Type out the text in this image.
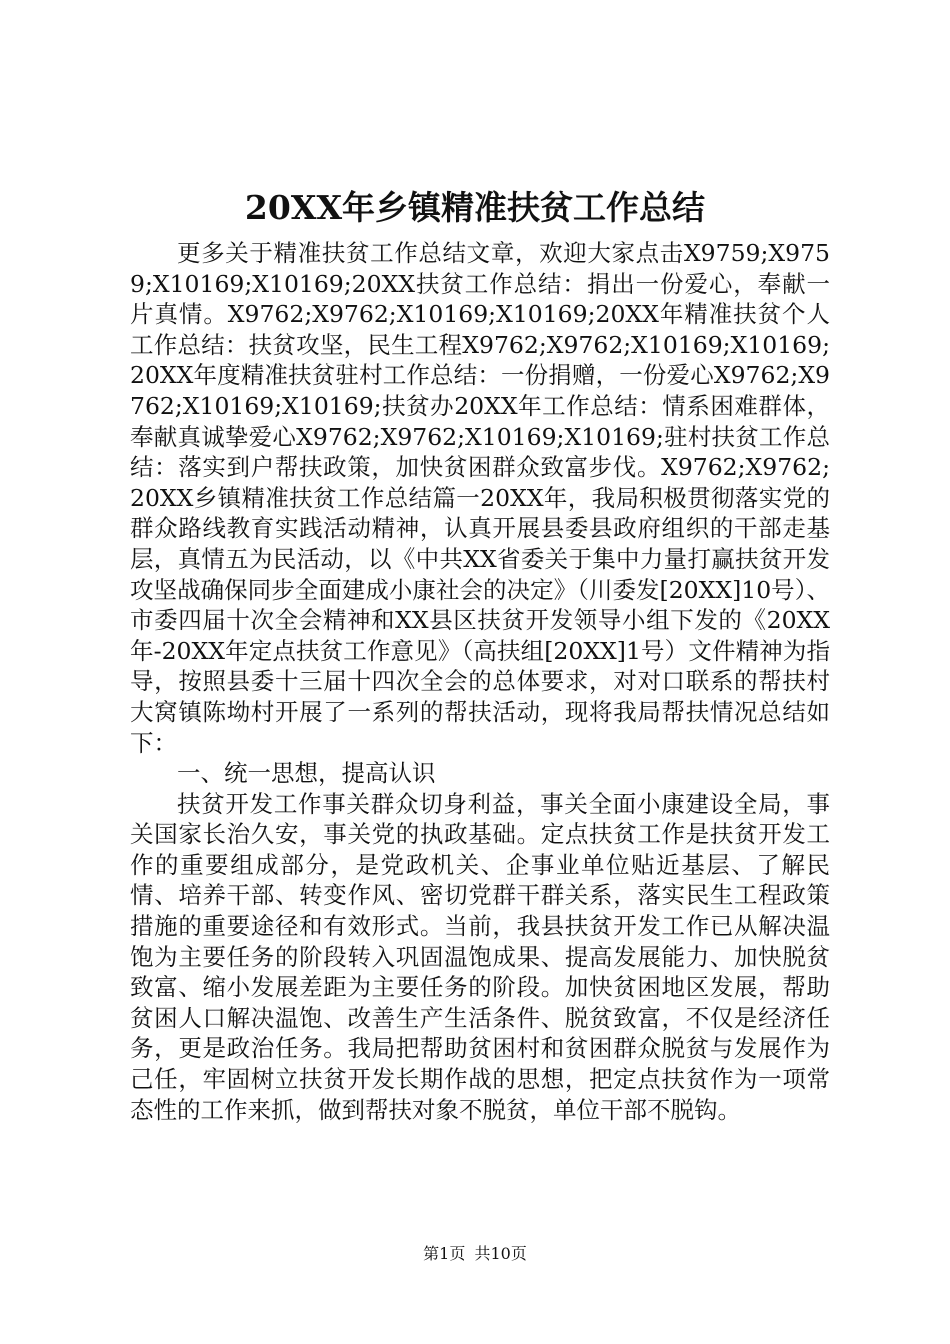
20XX年乡镇精准扶贫工作总结

更多关于精准扶贫工作总结文章，欢迎大家点击X9759;X9759;X10169;X10169;20XX扶贫工作总结：捐出一份爱心，奉献一片真情。X9762;X9762;X10169;X10169;20XX年精准扶贫个人工作总结：扶贫攻坚，民生工程X9762;X9762;X10169;X10169;20XX年度精准扶贫驻村工作总结：一份捐赠，一份爱心X9762;X9762;X10169;X10169;扶贫办20XX年工作总结：情系困难群体，奉献真诚挚爱心X9762;X9762;X10169;X10169;驻村扶贫工作总结：落实到户帮扶政策，加快贫困群众致富步伐。X9762;X9762;20XX乡镇精准扶贫工作总结篇一20XX年，我局积极贯彻落实党的群众路线教育实践活动精神，认真开展县委县政府组织的干部走基层，真情五为民活动，以《中共XX省委关于集中力量打赢扶贫开发攻坚战确保同步全面建成小康社会的决定》（川委发[20XX]10号）、市委四届十次全会精神和XX县区扶贫开发领导小组下发的《20XX年-20XX年定点扶贫工作意见》（高扶组[20XX]1号）文件精神为指导，按照县委十三届十四次全会的总体要求，对对口联系的帮扶村大窝镇陈坳村开展了一系列的帮扶活动，现将我局帮扶情况总结如下：

一、统一思想，提高认识

扶贫开发工作事关群众切身利益，事关全面小康建设全局，事关国家长治久安，事关党的执政基础。定点扶贫工作是扶贫开发工作的重要组成部分，是党政机关、企事业单位贴近基层、了解民情、培养干部、转变作风、密切党群干群关系，落实民生工程政策措施的重要途径和有效形式。当前，我县扶贫开发工作已从解决温饱为主要任务的阶段转入巩固温饱成果、提高发展能力、加快脱贫致富、缩小发展差距为主要任务的阶段。加快贫困地区发展，帮助贫困人口解决温饱、改善生产生活条件、脱贫致富，不仅是经济任务，更是政治任务。我局把帮助贫困村和贫困群众脱贫与发展作为己任，牢固树立扶贫开发长期作战的思想，把定点扶贫作为一项常态性的工作来抓，做到帮扶对象不脱贫，单位干部不脱钩。

第1页 共10页
